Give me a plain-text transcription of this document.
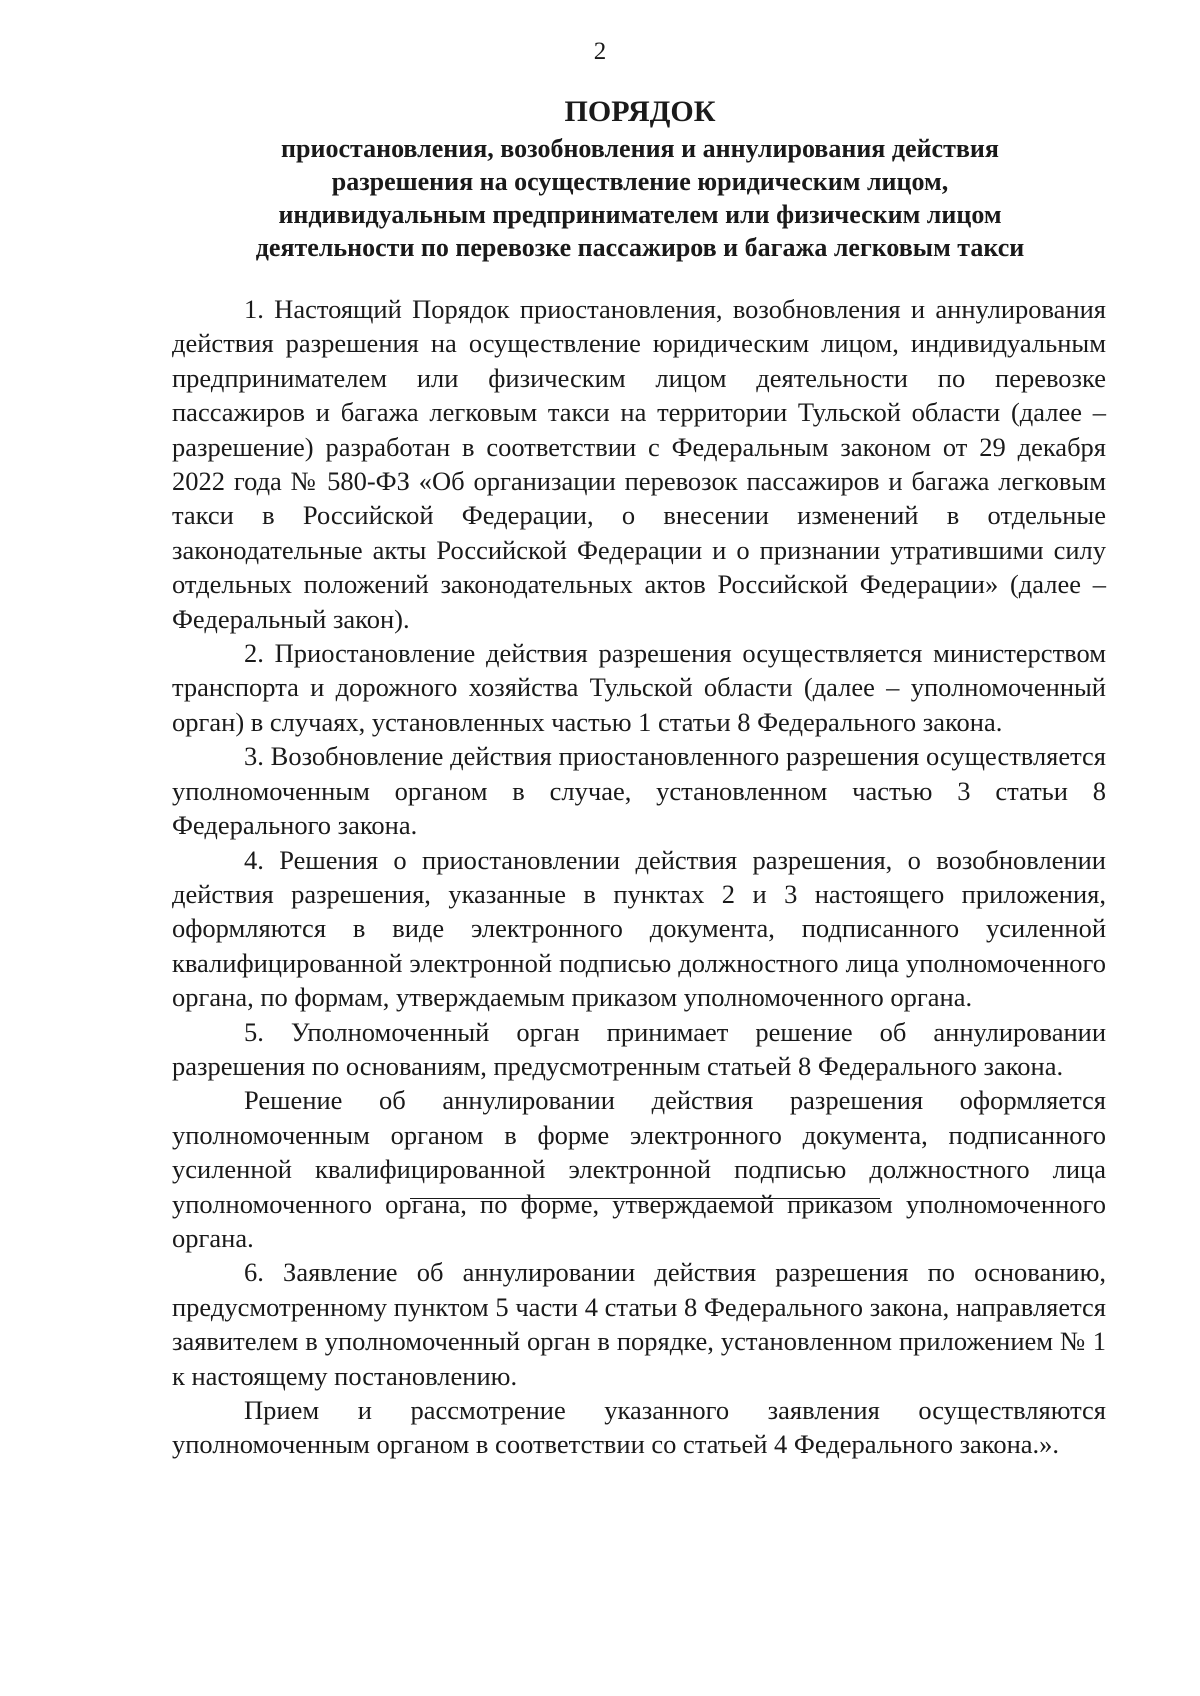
2
ПОРЯДОК
приостановления, возобновления и аннулирования действия
разрешения на осуществление юридическим лицом,
индивидуальным предпринимателем или физическим лицом
деятельности по перевозке пассажиров и багажа легковым такси

1. Настоящий Порядок приостановления, возобновления и аннулирования действия разрешения на осуществление юридическим лицом, индивидуальным предпринимателем или физическим лицом деятельности по перевозке пассажиров и багажа легковым такси на территории Тульской области (далее – разрешение) разработан в соответствии с Федеральным законом от 29 декабря 2022 года № 580-ФЗ «Об организации перевозок пассажиров и багажа легковым такси в Российской Федерации, о внесении изменений в отдельные законодательные акты Российской Федерации и о признании утратившими силу отдельных положений законодательных актов Российской Федерации» (далее – Федеральный закон).

2. Приостановление действия разрешения осуществляется министерством транспорта и дорожного хозяйства Тульской области (далее – уполномоченный орган) в случаях, установленных частью 1 статьи 8 Федерального закона.

3. Возобновление действия приостановленного разрешения осуществляется уполномоченным органом в случае, установленном частью 3 статьи 8 Федерального закона.

4. Решения о приостановлении действия разрешения, о возобновлении действия разрешения, указанные в пунктах 2 и 3 настоящего приложения, оформляются в виде электронного документа, подписанного усиленной квалифицированной электронной подписью должностного лица уполномоченного органа, по формам, утверждаемым приказом уполномоченного органа.

5. Уполномоченный орган принимает решение об аннулировании разрешения по основаниям, предусмотренным статьей 8 Федерального закона.

Решение об аннулировании действия разрешения оформляется уполномоченным органом в форме электронного документа, подписанного усиленной квалифицированной электронной подписью должностного лица уполномоченного органа, по форме, утверждаемой приказом уполномоченного органа.

6. Заявление об аннулировании действия разрешения по основанию, предусмотренному пунктом 5 части 4 статьи 8 Федерального закона, направляется заявителем в уполномоченный орган в порядке, установленном приложением № 1 к настоящему постановлению.

Прием и рассмотрение указанного заявления осуществляются уполномоченным органом в соответствии со статьей 4 Федерального закона.».
